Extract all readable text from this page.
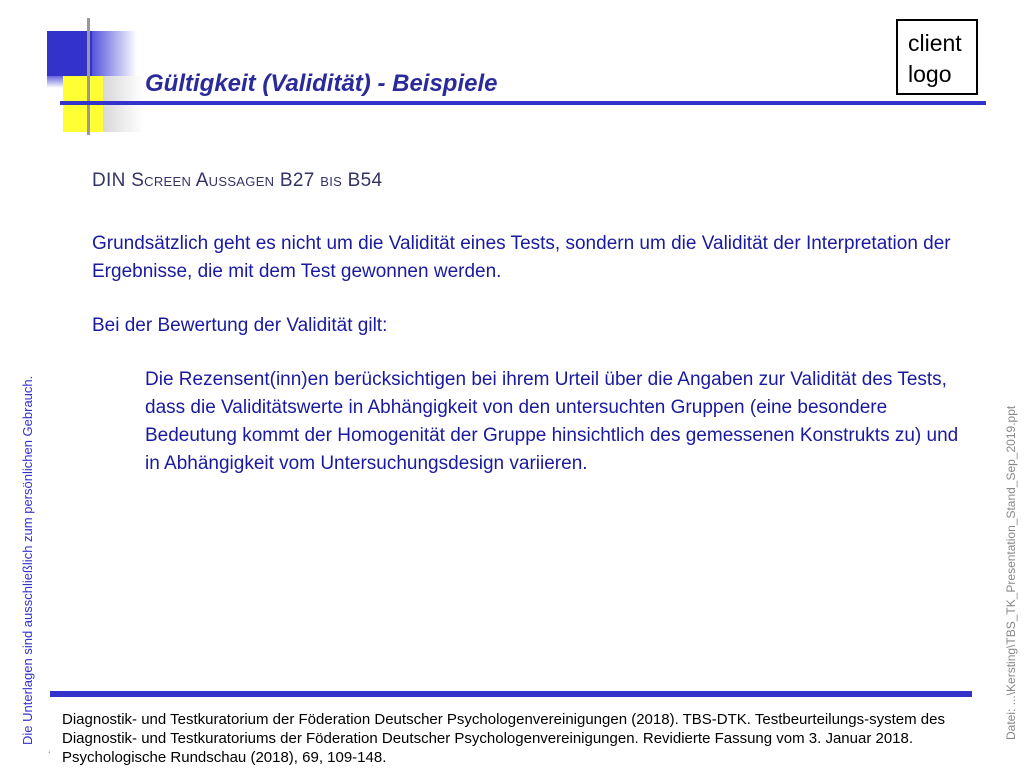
Gültigkeit (Validität) - Beispiele
client
logo
DIN Screen Aussagen B27 bis B54

Grundsätzlich geht es nicht um die Validität eines Tests, sondern um die Validität der Interpretation der Ergebnisse, die mit dem Test gewonnen werden.

Bei der Bewertung der Validität gilt:

Die Rezensent(inn)en berücksichtigen bei ihrem Urteil über die Angaben zur Validität des Tests, dass die Validitätswerte in Abhängigkeit von den untersuchten Gruppen (eine besondere Bedeutung kommt der Homogenität der Gruppe hinsichtlich des gemessenen Konstrukts zu) und in Abhängigkeit vom Untersuchungsdesign variieren.

Die Unterlagen sind ausschließlich zum persönlichen Gebrauch.	Datei: ...\Kersting\TBS_TK_Presentation_Stand_Sep_2019.ppt
‘

Diagnostik- und Testkuratorium der Föderation Deutscher Psychologenvereinigungen (2018). TBS-DTK. Testbeurteilungs-system des Diagnostik- und Testkuratoriums der Föderation Deutscher Psychologenvereinigungen. Revidierte Fassung vom 3. Januar 2018. Psychologische Rundschau (2018), 69, 109-148.
